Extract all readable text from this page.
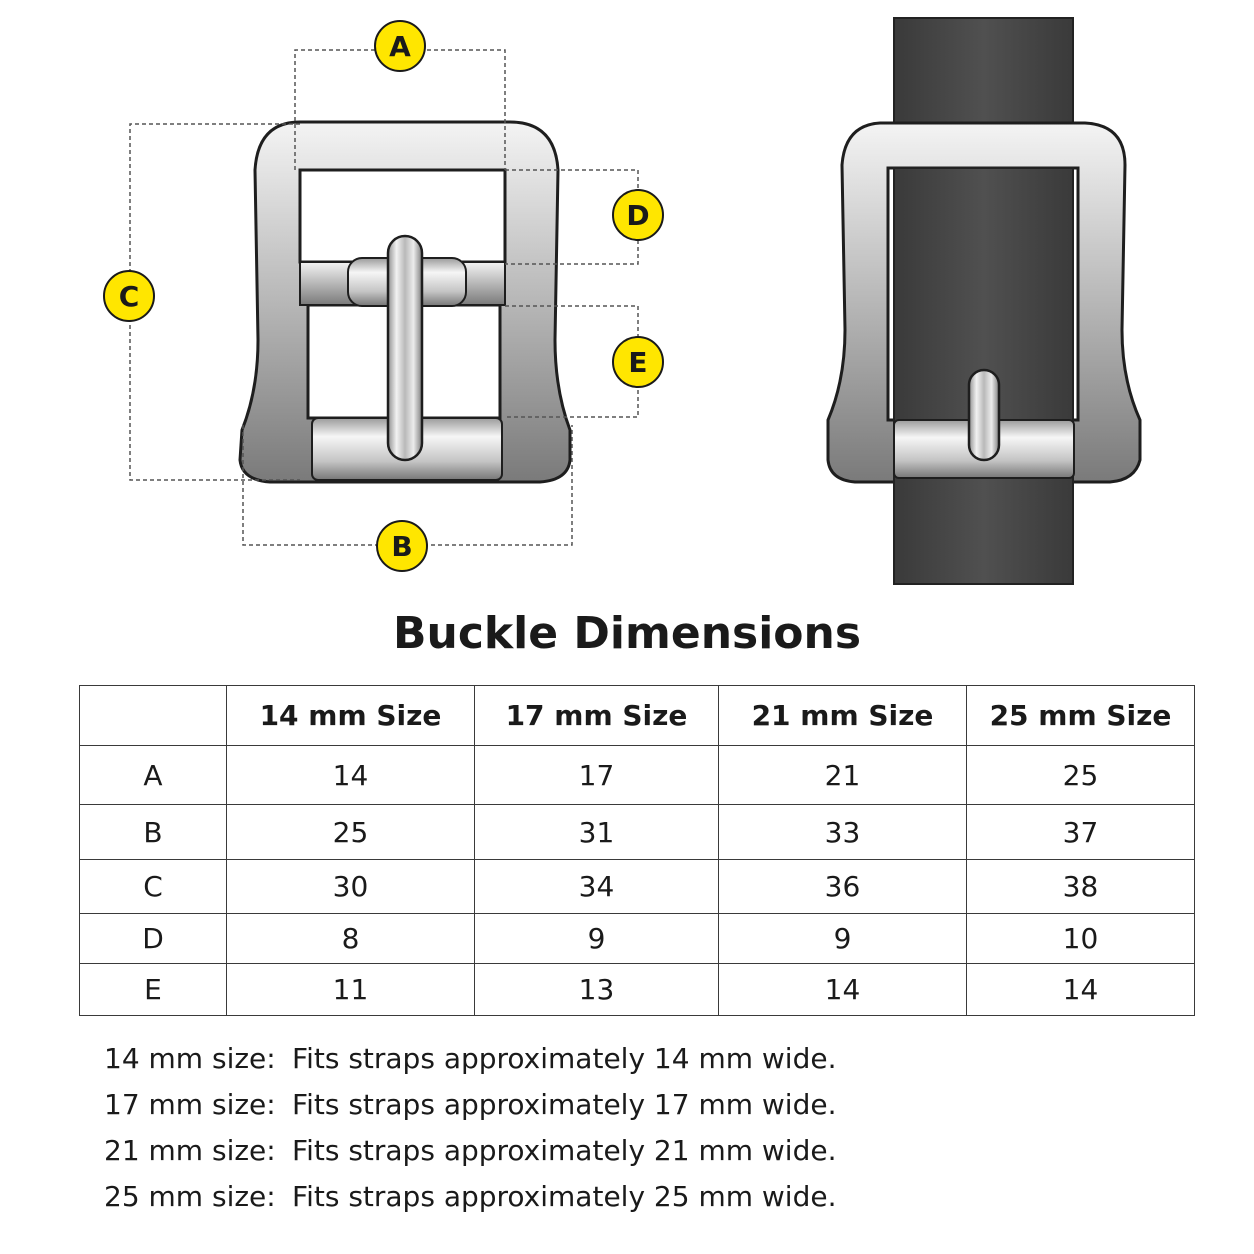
A
B
C
D
E
Buckle Dimensions
	14 mm Size	17 mm Size	21 mm Size	25 mm Size
A	14	17	21	25
B	25	31	33	37
C	30	34	36	38
D	8	9	9	10
E	11	13	14	14
14 mm size: Fits straps approximately 14 mm wide.
17 mm size: Fits straps approximately 17 mm wide.
21 mm size: Fits straps approximately 21 mm wide.
25 mm size: Fits straps approximately 25 mm wide.
